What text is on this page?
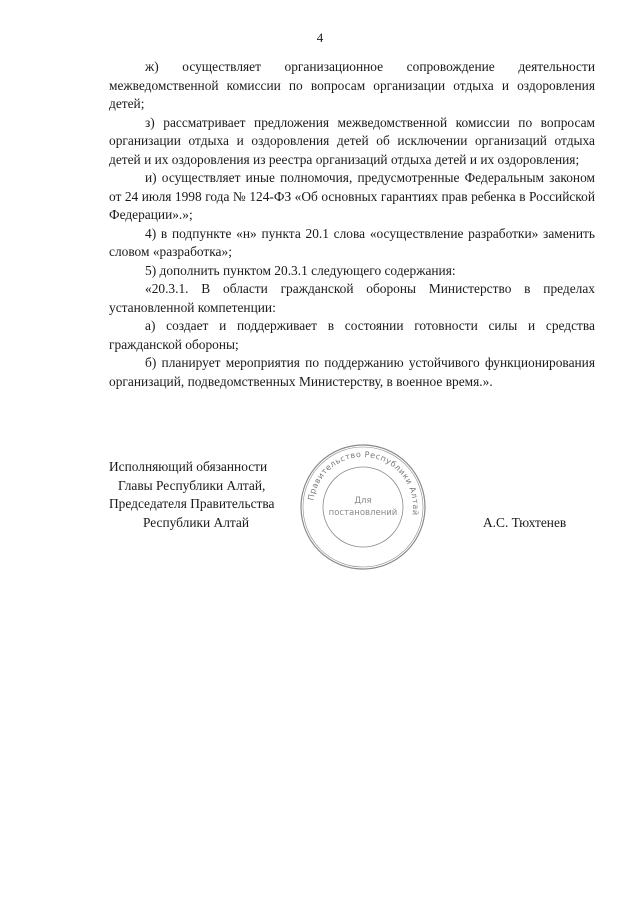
4

ж) осуществляет организационное сопровождение деятельности межведомственной комиссии по вопросам организации отдыха и оздоровления детей;

з) рассматривает предложения межведомственной комиссии по вопросам организации отдыха и оздоровления детей об исключении организаций отдыха детей и их оздоровления из реестра организаций отдыха детей и их оздоровления;

и) осуществляет иные полномочия, предусмотренные Федеральным законом от 24 июля 1998 года № 124-ФЗ «Об основных гарантиях прав ребенка в Российской Федерации».»;

4) в подпункте «н» пункта 20.1 слова «осуществление разработки» заменить словом «разработка»;

5) дополнить пунктом 20.3.1 следующего содержания:

«20.3.1. В области гражданской обороны Министерство в пределах установленной компетенции:

а) создает и поддерживает в состоянии готовности силы и средства гражданской обороны;

б) планирует мероприятия по поддержанию устойчивого функционирования организаций, подведомственных Министерству, в военное время.».

Исполняющий обязанности
Главы Республики Алтай,
Председателя Правительства
Республики Алтай
Правительство Республики Алтай
Для
постановлений
А.С. Тюхтенев
